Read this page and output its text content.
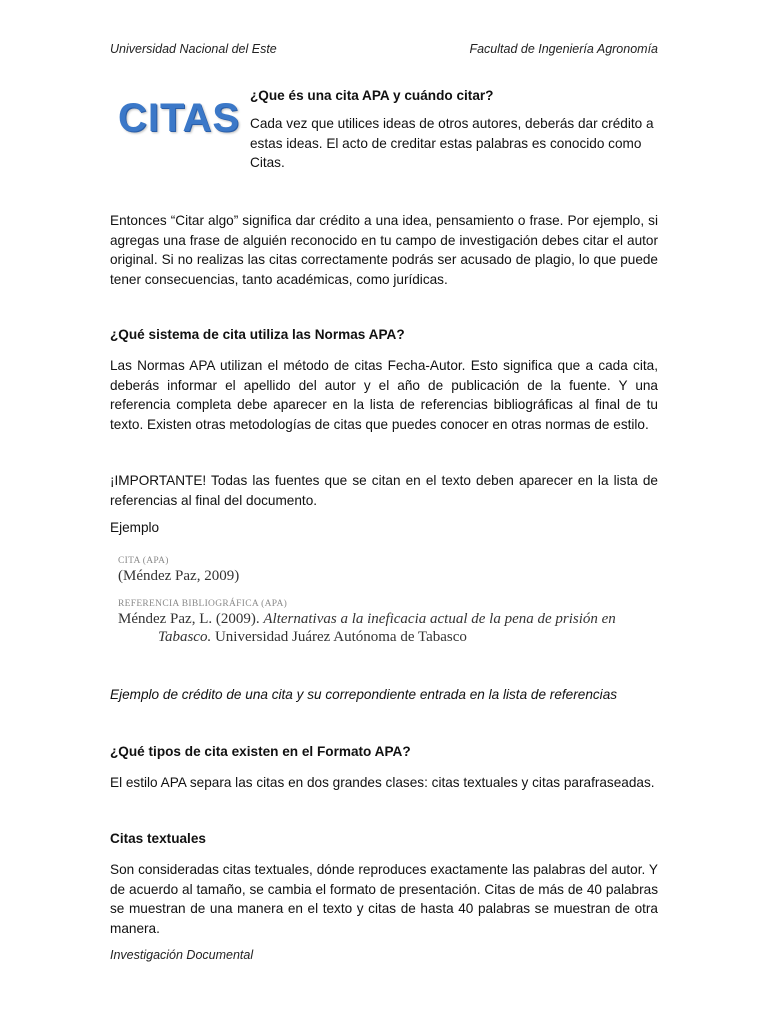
Universidad Nacional del Este	Facultad de Ingeniería Agronomía
CITAS
¿Que és una cita APA y cuándo citar?
Cada vez que utilices ideas de otros autores, deberás dar crédito a estas ideas. El acto de creditar estas palabras es conocido como Citas.

Entonces “Citar algo” significa dar crédito a una idea, pensamiento o frase. Por ejemplo, si agregas una frase de alguién reconocido en tu campo de investigación debes citar el autor original. Si no realizas las citas correctamente podrás ser acusado de plagio, lo que puede tener consecuencias, tanto académicas, como jurídicas.

¿Qué sistema de cita utiliza las Normas APA?

Las Normas APA utilizan el método de citas Fecha-Autor. Esto significa que a cada cita, deberás informar el apellido del autor y el año de publicación de la fuente. Y una referencia completa debe aparecer en la lista de referencias bibliográficas al final de tu texto. Existen otras metodologías de citas que puedes conocer en otras normas de estilo.

¡IMPORTANTE! Todas las fuentes que se citan en el texto deben aparecer en la lista de referencias al final del documento.

Ejemplo

CITA (APA)
(Méndez Paz, 2009)
REFERENCIA BIBLIOGRÁFICA (APA)
Méndez Paz, L. (2009). Alternativas a la ineficacia actual de la pena de prisión en
Tabasco. Universidad Juárez Autónoma de Tabasco
Ejemplo de crédito de una cita y su correpondiente entrada en la lista de referencias

¿Qué tipos de cita existen en el Formato APA?

El estilo APA separa las citas en dos grandes clases: citas textuales y citas parafraseadas.

Citas textuales

Son consideradas citas textuales, dónde reproduces exactamente las palabras del autor. Y de acuerdo al tamaño, se cambia el formato de presentación. Citas de más de 40 palabras se muestran de una manera en el texto y citas de hasta 40 palabras se muestran de otra manera.

Investigación Documental
